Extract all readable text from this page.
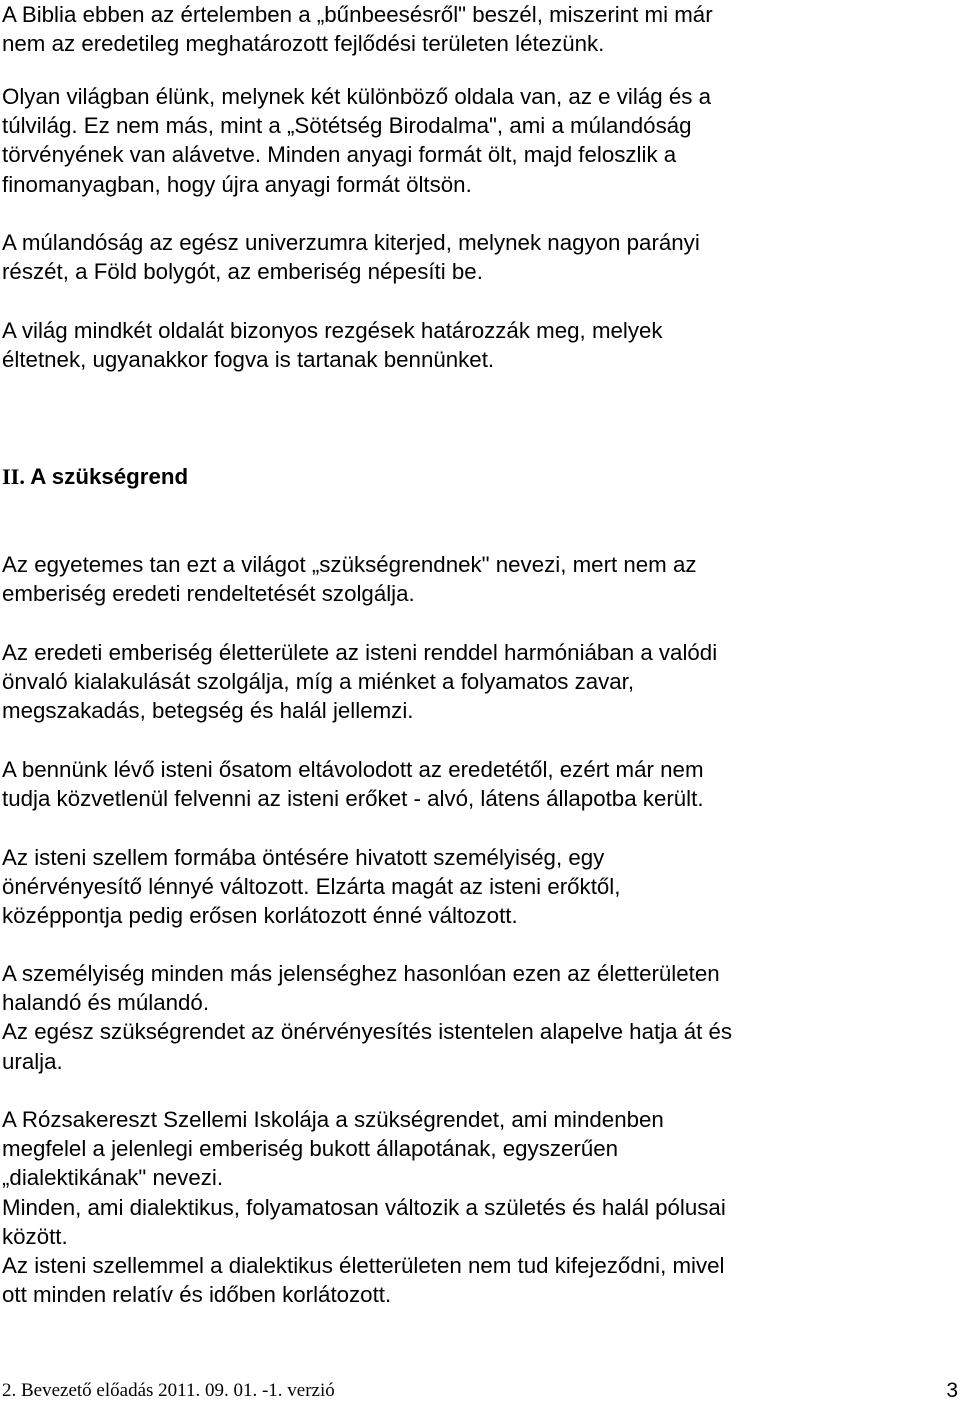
A Biblia ebben az értelemben a „bűnbeesésről" beszél, miszerint mi már
nem az eredetileg meghatározott fejlődési területen létezünk.

Olyan világban élünk, melynek két különböző oldala van, az e világ és a
túlvilág. Ez nem más, mint a „Sötétség Birodalma", ami a múlandóság
törvényének van alávetve. Minden anyagi formát ölt, majd feloszlik a
finomanyagban, hogy újra anyagi formát öltsön.

A múlandóság az egész univerzumra kiterjed, melynek nagyon parányi
részét, a Föld bolygót, az emberiség népesíti be.

A világ mindkét oldalát bizonyos rezgések határozzák meg, melyek
éltetnek, ugyanakkor fogva is tartanak bennünket.

II. A szükségrend

Az egyetemes tan ezt a világot „szükségrendnek" nevezi, mert nem az
emberiség eredeti rendeltetését szolgálja.

Az eredeti emberiség életterülete az isteni renddel harmóniában a valódi
önvaló kialakulását szolgálja, míg a miénket a folyamatos zavar,
megszakadás, betegség és halál jellemzi.

A bennünk lévő isteni ősatom eltávolodott az eredetétől, ezért már nem
tudja közvetlenül felvenni az isteni erőket - alvó, látens állapotba került.

Az isteni szellem formába öntésére hivatott személyiség, egy
önérvényesítő lénnyé változott. Elzárta magát az isteni erőktől,
középpontja pedig erősen korlátozott énné változott.

A személyiség minden más jelenséghez hasonlóan ezen az életterületen
halandó és múlandó.
Az egész szükségrendet az önérvényesítés istentelen alapelve hatja át és
uralja.

A Rózsakereszt Szellemi Iskolája a szükségrendet, ami mindenben
megfelel a jelenlegi emberiség bukott állapotának, egyszerűen
„dialektikának" nevezi.
Minden, ami dialektikus, folyamatosan változik a születés és halál pólusai
között.
Az isteni szellemmel a dialektikus életterületen nem tud kifejeződni, mivel
ott minden relatív és időben korlátozott.

2. Bevezető előadás 2011. 09. 01. -1. verzió	3
